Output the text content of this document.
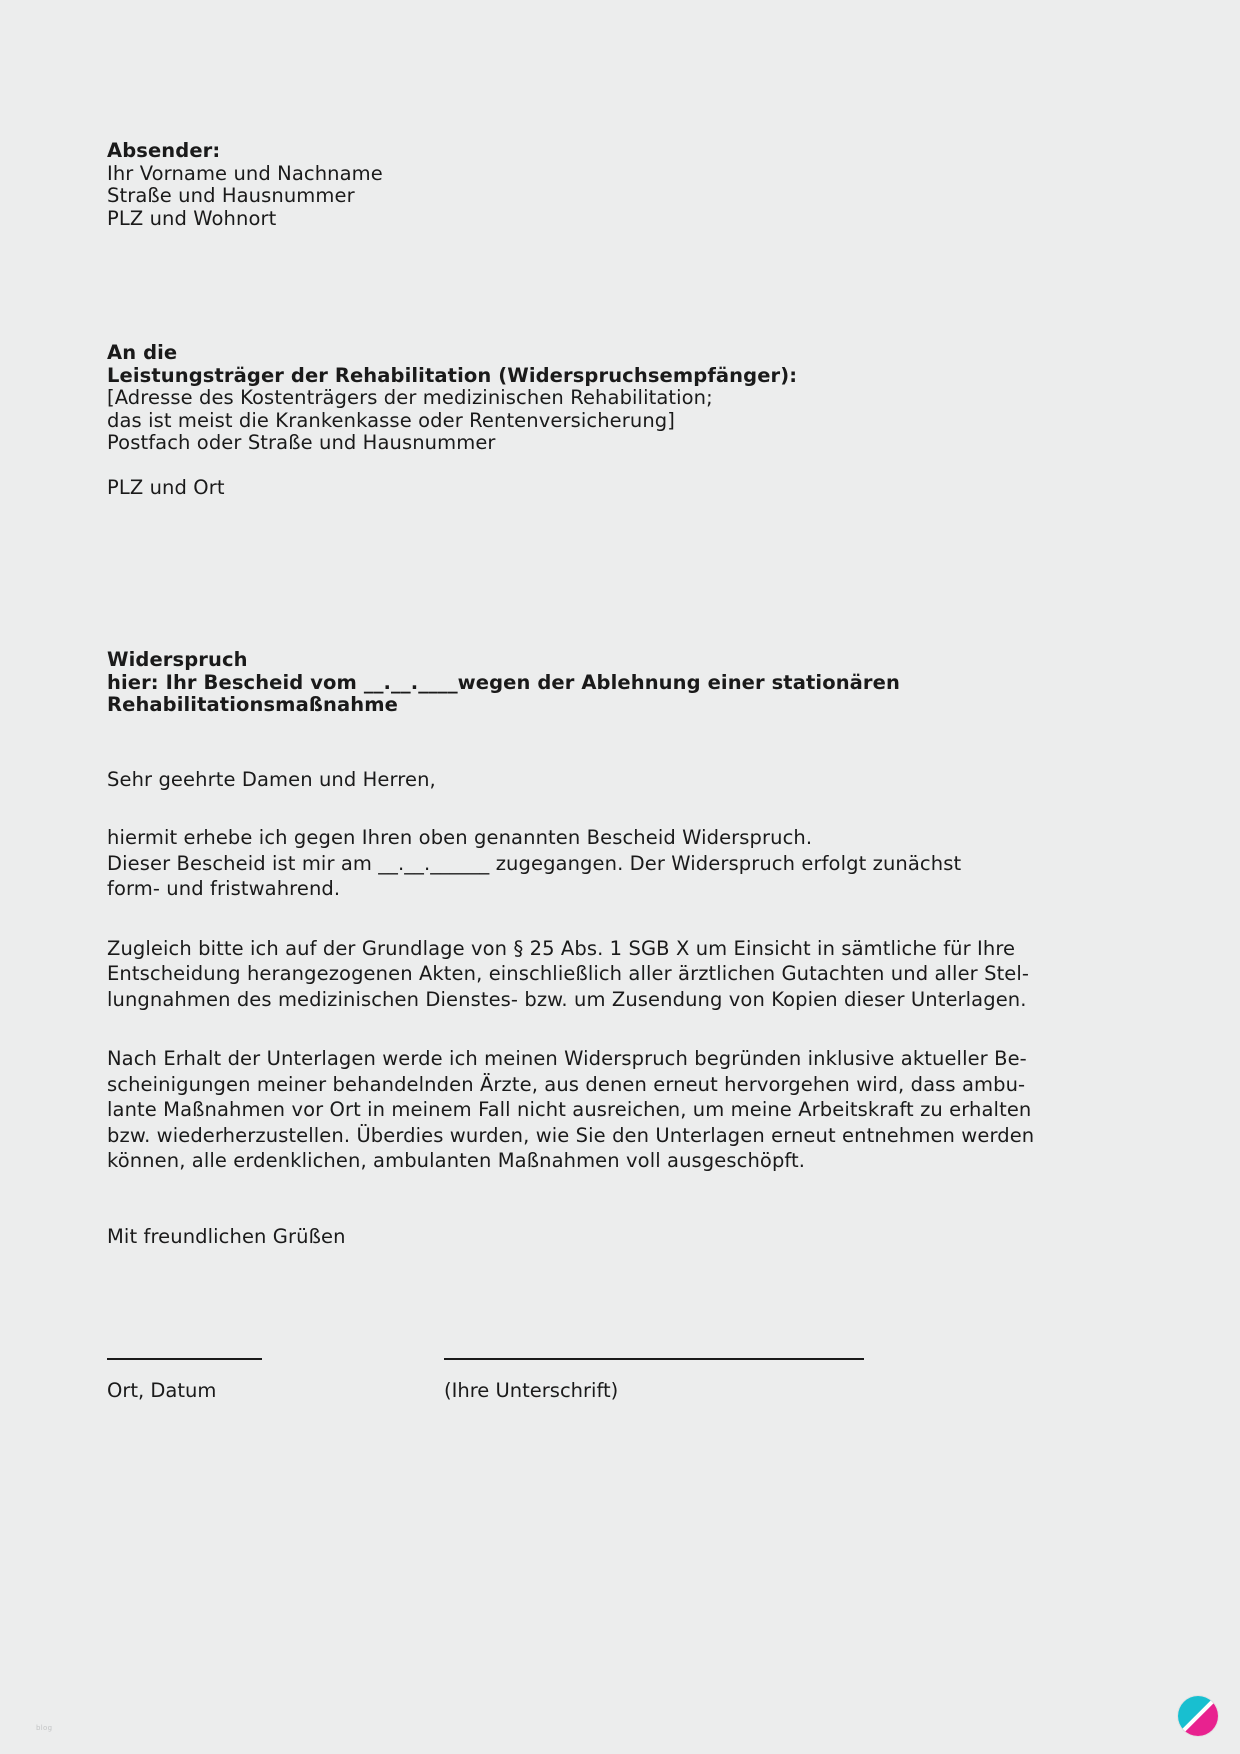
Absender:
Ihr Vorname und Nachname
Straße und Hausnummer
PLZ und Wohnort
An die
Leistungsträger der Rehabilitation (Widerspruchsempfänger):
[Adresse des Kostenträgers der medizinischen Rehabilitation;
das ist meist die Krankenkasse oder Rentenversicherung]
Postfach oder Straße und Hausnummer
PLZ und Ort
Widerspruch
hier: Ihr Bescheid vom __.__.____wegen der Ablehnung einer stationären
Rehabilitationsmaßnahme
Sehr geehrte Damen und Herren,
hiermit erhebe ich gegen Ihren oben genannten Bescheid Widerspruch.
Dieser Bescheid ist mir am __.__.______ zugegangen. Der Widerspruch erfolgt zunächst
form- und fristwahrend.
Zugleich bitte ich auf der Grundlage von § 25 Abs. 1 SGB X um Einsicht in sämtliche für Ihre
Entscheidung herangezogenen Akten, einschließlich aller ärztlichen Gutachten und aller Stel-
lungnahmen des medizinischen Dienstes- bzw. um Zusendung von Kopien dieser Unterlagen.
Nach Erhalt der Unterlagen werde ich meinen Widerspruch begründen inklusive aktueller Be-
scheinigungen meiner behandelnden Ärzte, aus denen erneut hervorgehen wird, dass ambu-
lante Maßnahmen vor Ort in meinem Fall nicht ausreichen, um meine Arbeitskraft zu erhalten
bzw. wiederherzustellen. Überdies wurden, wie Sie den Unterlagen erneut entnehmen werden
können, alle erdenklichen, ambulanten Maßnahmen voll ausgeschöpft.
Mit freundlichen Grüßen
Ort, Datum	(Ihre Unterschrift)
blog
